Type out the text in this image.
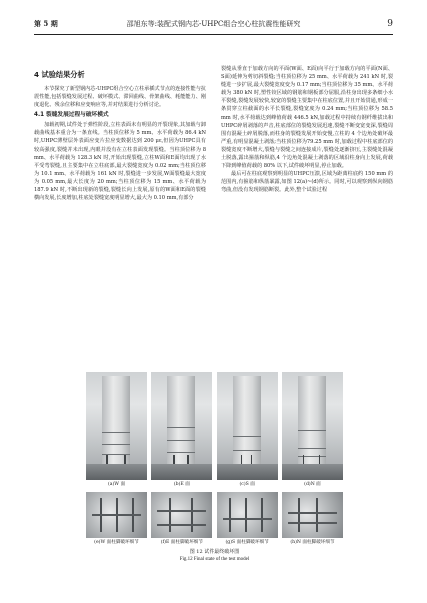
第 5 期	邵旭东等:装配式钢内芯-UHPC组合空心柱抗震性能研究	9
4 试验结果分析

本节探究了新型钢内芯-UHPC组合空心立柱承插式节点的连接性能与抗震性能,包括裂缝发展过程、破坏模式、滞回曲线、骨架曲线、耗能能力、刚度退化、残余位移和应变响应等,并对结果进行分析讨论。

4.1 裂缝发展过程与破坏模式

加载初期,试件处于弹性阶段,立柱表面未有明显的开裂现象,其加载与卸载曲线基本重合为一条直线。当柱顶位移为 5 mm、水平荷载为 86.4 kN 时,UHPC薄壁层外表面应变片拉应变数据达到 200 με,但因为UHPC具有较高强度,裂缝并未出现,内眼并没有在立柱表面发现裂缝。当柱顶位移为 8 mm、水平荷载为 128.3 kN 时,开始出现裂缝,立柱W面和E面均出现了水平受弯裂缝,且主要集中在立柱底部,最大裂缝宽度为 0.02 mm;当柱顶位移为 10.1 mm、水平荷载为 161 kN 时,裂缝进一步发展,W面裂缝最大宽度为 0.05 mm,最大长度为 20 mm;当柱顶位移为 15 mm、水平荷载为 187.9 kN 时,不断出现新的裂缝,裂缝长向上发展,原有的W面和E面的裂缝横向发展,长度增加,柱底处裂缝宽度明显增大,最大为 0.10 mm,有部分

裂缝从垂直于加载方向的平面(W面、E面)向平行于加载方向的平面(N面、S面)延伸为剪切斜裂缝;当柱顶位移为 25 mm、水平荷载为 241 kN 时,裂缝进一步扩展,最大裂缝宽度变为 0.17 mm;当柱顶位移为 35 mm、水平荷载为 380 kN 时,塑性铰区域的钢筋和钢板部分屈服,沿柱身出现多条细小水平裂缝,裂缝发展较快,较宽的裂缝主要集中在柱底位置,并且开始贯通,形成一条贯穿立柱截面的水平长裂缝,裂缝宽度为 0.24 mm;当柱顶位移为 58.5 mm 时,水平荷载达到峰值荷载 446.5 kN,加载过程中持续有钢纤维拔出和UHPC碎屑剥落的声音,柱底部位的裂缝发展迅速,裂缝不断变宽变深,裂缝周围有混凝土碎屑脱落,而柱身的裂缝发展开始变慢,立柱的 4 个边角处破坏最严重,有明显混凝土剥落;当柱顶位移为79.25 mm 时,加载过程中柱底部位的裂缝宽度不断增大,裂缝与裂缝之间连接成片,裂缝处逐渐挤压,主裂缝处混凝土脱落,露出箍筋和纵筋,4 个边角处混凝土剥落的区域沿柱身向上发展,荷载下降到峰值荷载的 80% 以下,试件破坏明显,停止加载。

最后可在柱底观察到明显的UHPC压溃,区域为距离柱底约 150 mm 的范围内,有箍筋和纵筋暴露,如图 12(a)~(d)所示。同时,可以观察到纵向钢筋弯曲,但没有发现钢筋断裂。此外,整个试验过程

(a)W 面	(b)E 面	(c)S 面	(d)N 面
(e)W 面柱脚破坏细节	(f)E 面柱脚破坏细节	(g)S 面柱脚破坏细节	(h)N 面柱脚破坏细节
图 12 试件最终破坏图
Fig.12 Final state of the test model
